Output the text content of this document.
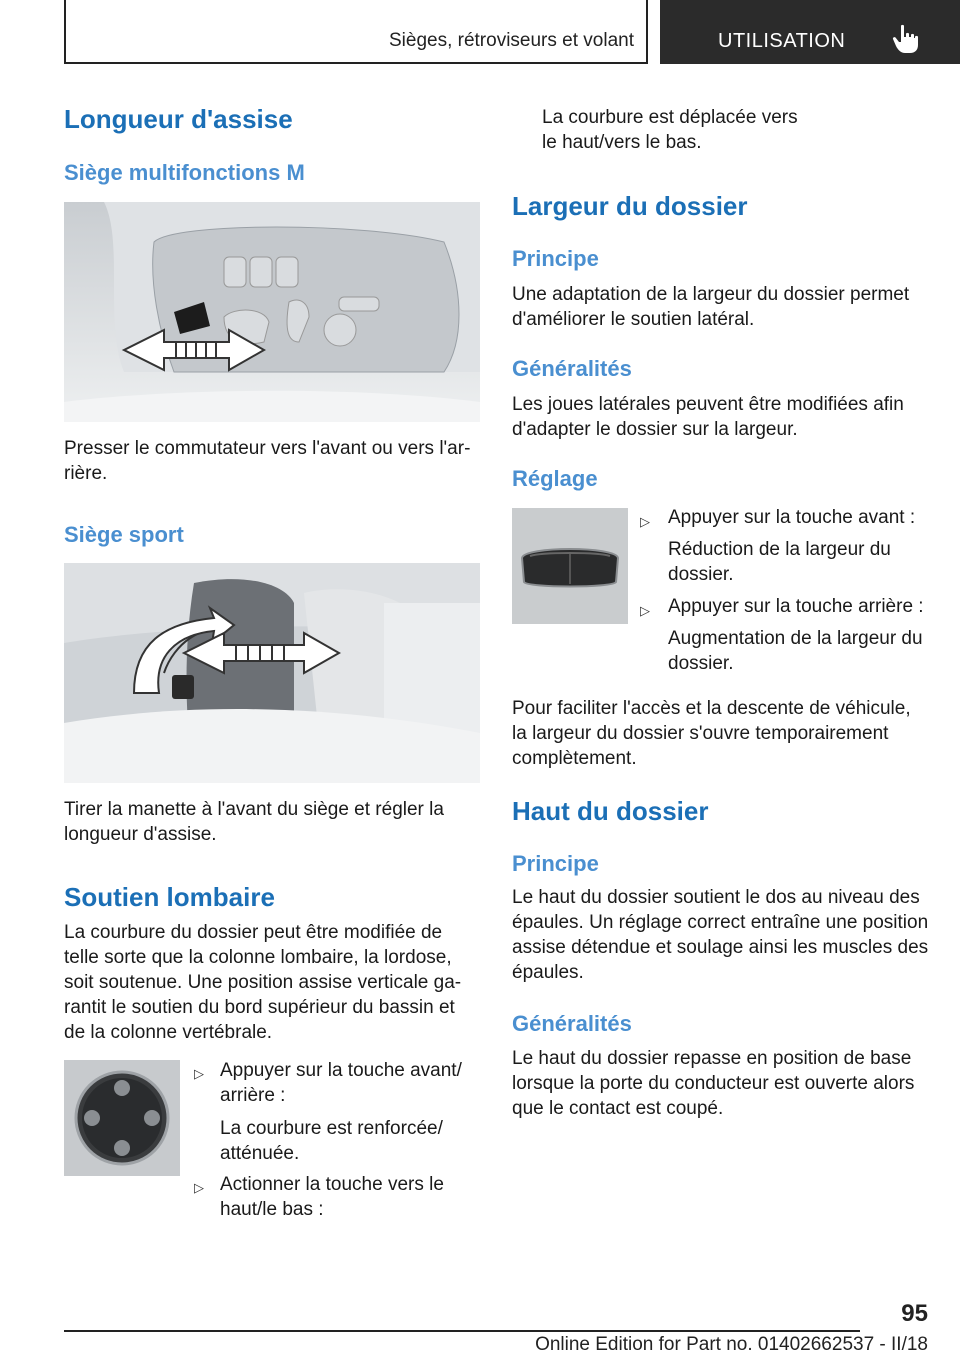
Sièges, rétroviseurs et volant	UTILISATION
Longueur d'assise
Siège multifonctions M
Presser le commutateur vers l'avant ou vers l'ar-
rière.
Siège sport
Tirer la manette à l'avant du siège et régler la
longueur d'assise.
Soutien lombaire
La courbure du dossier peut être modifiée de
telle sorte que la colonne lombaire, la lordose,
soit soutenue. Une position assise verticale ga-
rantit le soutien du bord supérieur du bassin et
de la colonne vertébrale.
▷ Appuyer sur la touche avant/
arrière :
La courbure est renforcée/
atténuée.
▷ Actionner la touche vers le
haut/le bas :
La courbure est déplacée vers
le haut/vers le bas.
Largeur du dossier
Principe
Une adaptation de la largeur du dossier permet
d'améliorer le soutien latéral.
Généralités
Les joues latérales peuvent être modifiées afin
d'adapter le dossier sur la largeur.
Réglage
▷ Appuyer sur la touche avant :
Réduction de la largeur du
dossier.
▷ Appuyer sur la touche arrière :
Augmentation de la largeur du
dossier.
Pour faciliter l'accès et la descente de véhicule,
la largeur du dossier s'ouvre temporairement
complètement.
Haut du dossier
Principe
Le haut du dossier soutient le dos au niveau des
épaules. Un réglage correct entraîne une position
assise détendue et soulage ainsi les muscles des
épaules.
Généralités
Le haut du dossier repasse en position de base
lorsque la porte du conducteur est ouverte alors
que le contact est coupé.
95
Online Edition for Part no. 01402662537 - II/18
